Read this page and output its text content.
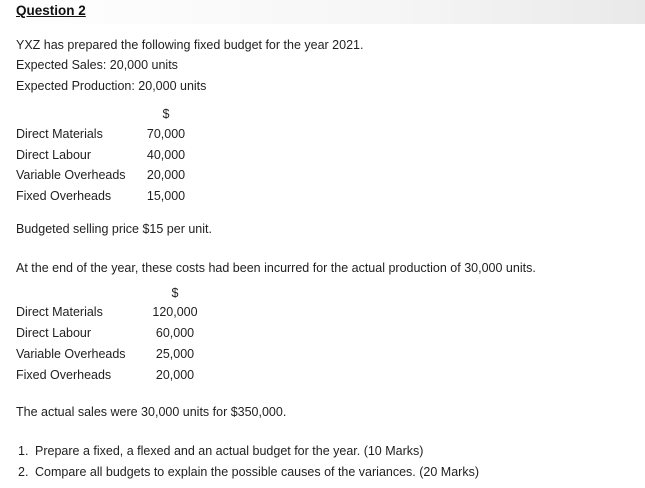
Question 2
YXZ has prepared the following fixed budget for the year 2021.
Expected Sales: 20,000 units
Expected Production: 20,000 units
$
Direct Materials	70,000
Direct Labour	40,000
Variable Overheads	20,000
Fixed Overheads	15,000
Budgeted selling price $15 per unit.
At the end of the year, these costs had been incurred for the actual production of 30,000 units.
$
Direct Materials	120,000
Direct Labour	60,000
Variable Overheads	25,000
Fixed Overheads	20,000
The actual sales were 30,000 units for $350,000.
1. Prepare a fixed, a flexed and an actual budget for the year. (10 Marks)
2. Compare all budgets to explain the possible causes of the variances. (20 Marks)
